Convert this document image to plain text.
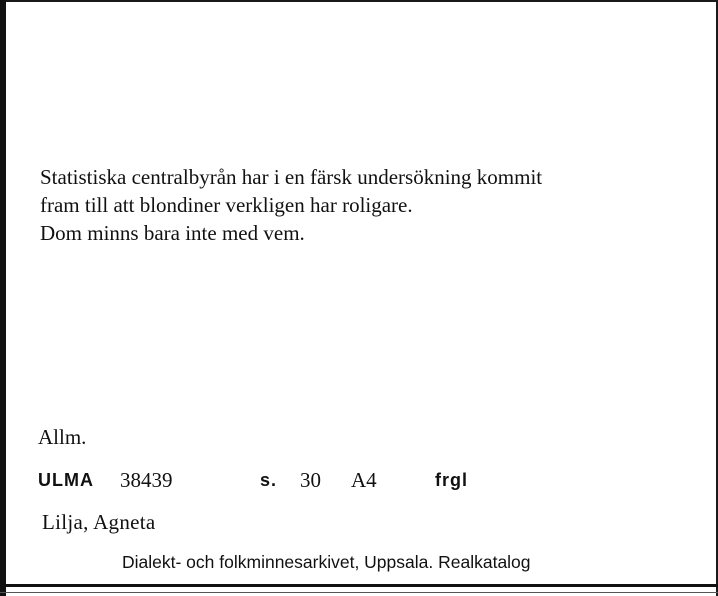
Statistiska centralbyrån har i en färsk undersökning kommit
fram till att blondiner verkligen har roligare.
Dom minns bara inte med vem.
Allm.
ULMA 38439	s. 30 A4	frgl
Lilja, Agneta
Dialekt- och folkminnesarkivet, Uppsala. Realkatalog
